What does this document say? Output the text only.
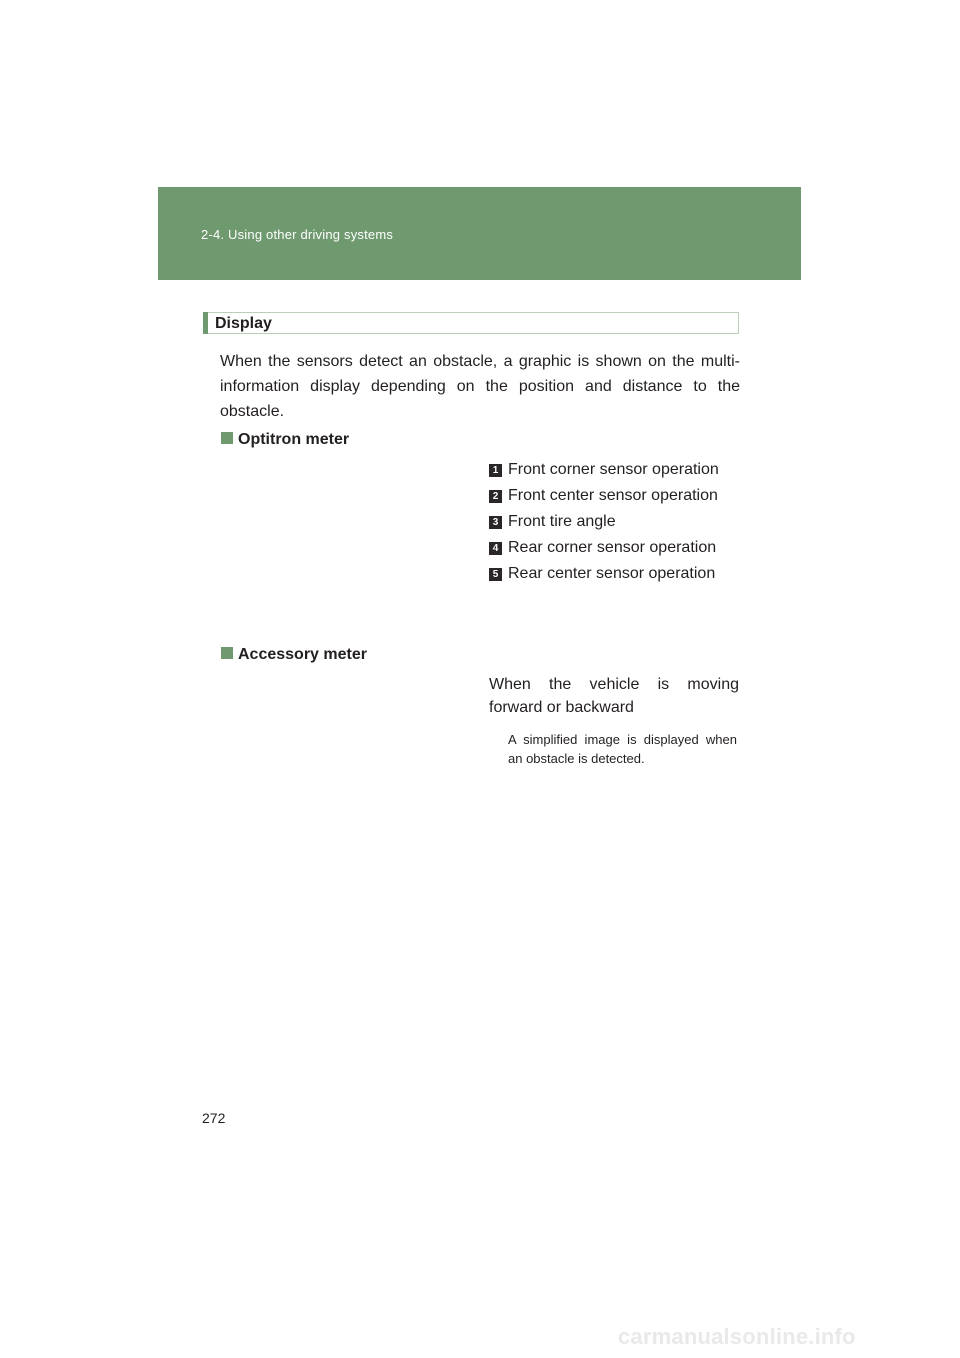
2-4. Using other driving systems
Display
When the sensors detect an obstacle, a graphic is shown on the multi-information display depending on the position and distance to the obstacle.
Optitron meter
1 Front corner sensor operation
2 Front center sensor operation
3 Front tire angle
4 Rear corner sensor operation
5 Rear center sensor operation
Accessory meter
When the vehicle is moving forward or backward
A simplified image is displayed when an obstacle is detected.
272
carmanualsonline.info
